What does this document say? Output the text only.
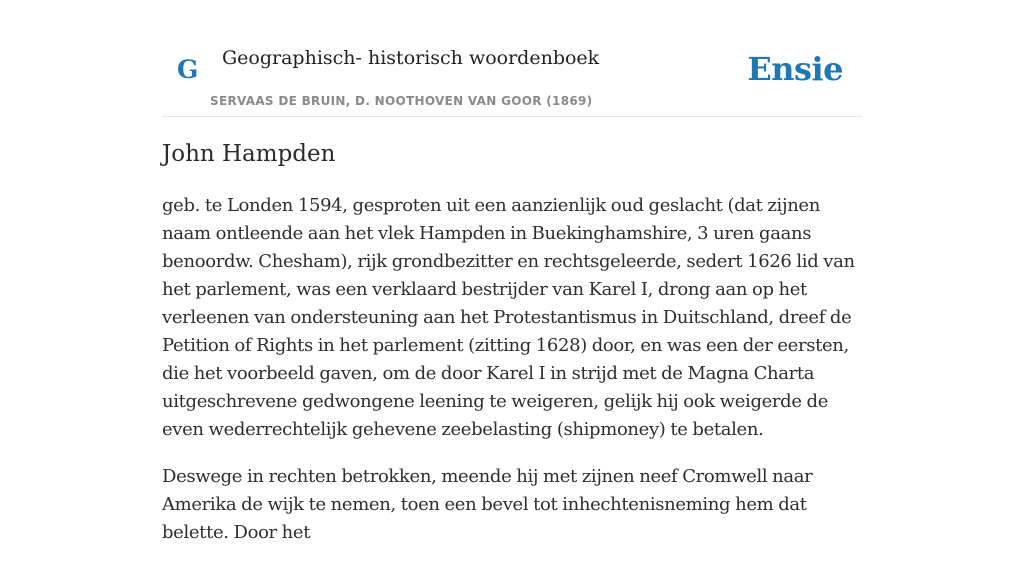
G Geographisch- historisch woordenboek
SERVAAS DE BRUIN, D. NOOTHOVEN VAN GOOR (1869)
Ensie
John Hampden

geb. te Londen 1594, gesproten uit een aanzienlijk oud geslacht (dat zijnen naam ontleende aan het vlek Hampden in Buekinghamshire, 3 uren gaans benoordw. Chesham), rijk grondbezitter en rechtsgeleerde, sedert 1626 lid van het parlement, was een verklaard bestrijder van Karel I, drong aan op het verleenen van ondersteuning aan het Protestantismus in Duitschland, dreef de Petition of Rights in het parlement (zitting 1628) door, en was een der eersten, die het voorbeeld gaven, om de door Karel I in strijd met de Magna Charta uitgeschrevene gedwongene leening te weigeren, gelijk hij ook weigerde de even wederrechtelijk gehevene zeebelasting (shipmoney) te betalen.

Deswege in rechten betrokken, meende hij met zijnen neef Cromwell naar Amerika de wijk te nemen, toen een bevel tot inhechtenisneming hem dat belette. Door het
